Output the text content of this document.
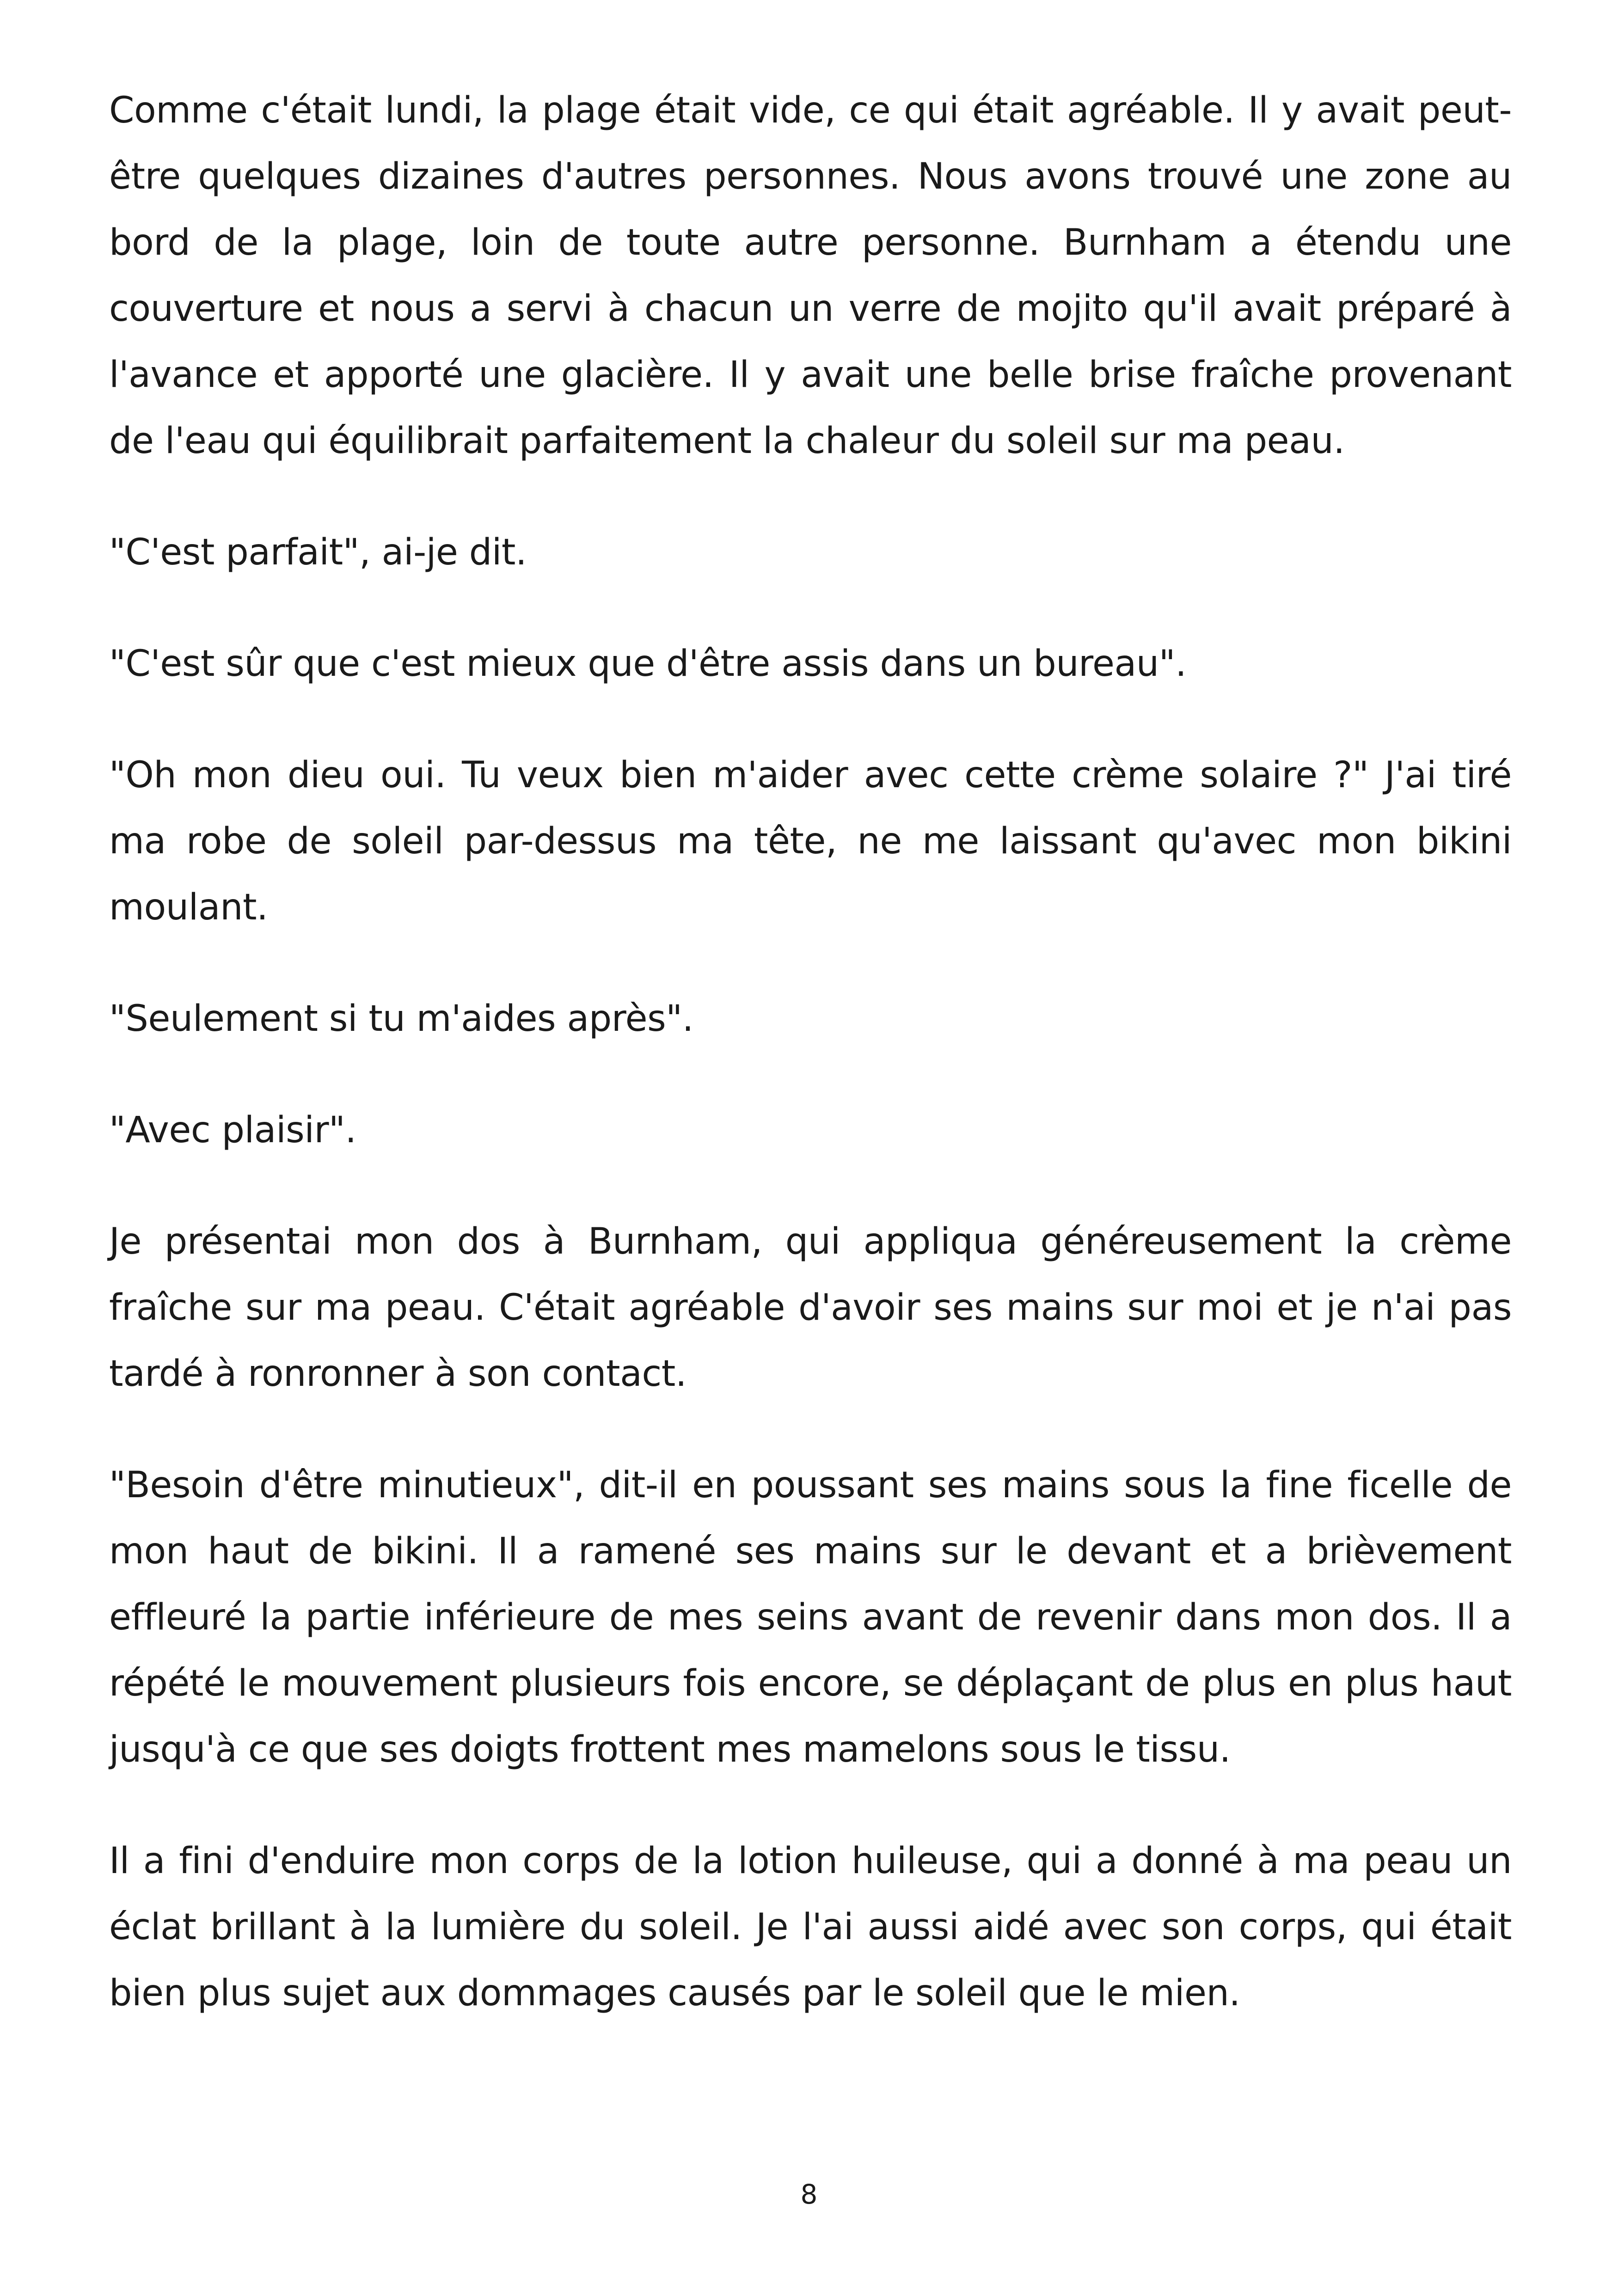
Comme c'était lundi, la plage était vide, ce qui était agréable. Il y avait peut-être quelques dizaines d'autres personnes. Nous avons trouvé une zone au bord de la plage, loin de toute autre personne. Burnham a étendu une couverture et nous a servi à chacun un verre de mojito qu'il avait préparé à l'avance et apporté une glacière. Il y avait une belle brise fraîche provenant de l'eau qui équilibrait parfaitement la chaleur du soleil sur ma peau.

"C'est parfait", ai-je dit.

"C'est sûr que c'est mieux que d'être assis dans un bureau".

"Oh mon dieu oui. Tu veux bien m'aider avec cette crème solaire ?" J'ai tiré ma robe de soleil par-dessus ma tête, ne me laissant qu'avec mon bikini moulant.

"Seulement si tu m'aides après".

"Avec plaisir".

Je présentai mon dos à Burnham, qui appliqua généreusement la crème fraîche sur ma peau. C'était agréable d'avoir ses mains sur moi et je n'ai pas tardé à ronronner à son contact.

"Besoin d'être minutieux", dit-il en poussant ses mains sous la fine ficelle de mon haut de bikini. Il a ramené ses mains sur le devant et a brièvement effleuré la partie inférieure de mes seins avant de revenir dans mon dos. Il a répété le mouvement plusieurs fois encore, se déplaçant de plus en plus haut jusqu'à ce que ses doigts frottent mes mamelons sous le tissu.

Il a fini d'enduire mon corps de la lotion huileuse, qui a donné à ma peau un éclat brillant à la lumière du soleil. Je l'ai aussi aidé avec son corps, qui était bien plus sujet aux dommages causés par le soleil que le mien.

8
